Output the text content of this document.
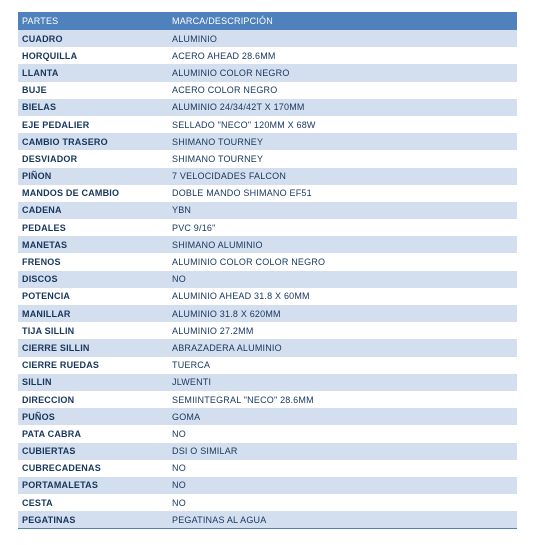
PARTES	MARCA/DESCRIPCIÓN
CUADRO	ALUMINIO
HORQUILLA	ACERO AHEAD 28.6MM
LLANTA	ALUMINIO COLOR NEGRO
BUJE	ACERO COLOR NEGRO
BIELAS	ALUMINIO 24/34/42T X 170MM
EJE PEDALIER	SELLADO "NECO" 120MM X 68W
CAMBIO TRASERO	SHIMANO TOURNEY
DESVIADOR	SHIMANO TOURNEY
PIÑON	7 VELOCIDADES FALCON
MANDOS DE CAMBIO	DOBLE MANDO SHIMANO EF51
CADENA	YBN
PEDALES	PVC 9/16"
MANETAS	SHIMANO ALUMINIO
FRENOS	ALUMINIO COLOR COLOR NEGRO
DISCOS	NO
POTENCIA	ALUMINIO AHEAD 31.8 X 60MM
MANILLAR	ALUMINIO 31.8 X 620MM
TIJA SILLIN	ALUMINIO 27.2MM
CIERRE SILLIN	ABRAZADERA ALUMINIO
CIERRE RUEDAS	TUERCA
SILLIN	JLWENTI
DIRECCION	SEMIINTEGRAL "NECO" 28.6MM
PUÑOS	GOMA
PATA CABRA	NO
CUBIERTAS	DSI O SIMILAR
CUBRECADENAS	NO
PORTAMALETAS	NO
CESTA	NO
PEGATINAS	PEGATINAS AL AGUA
